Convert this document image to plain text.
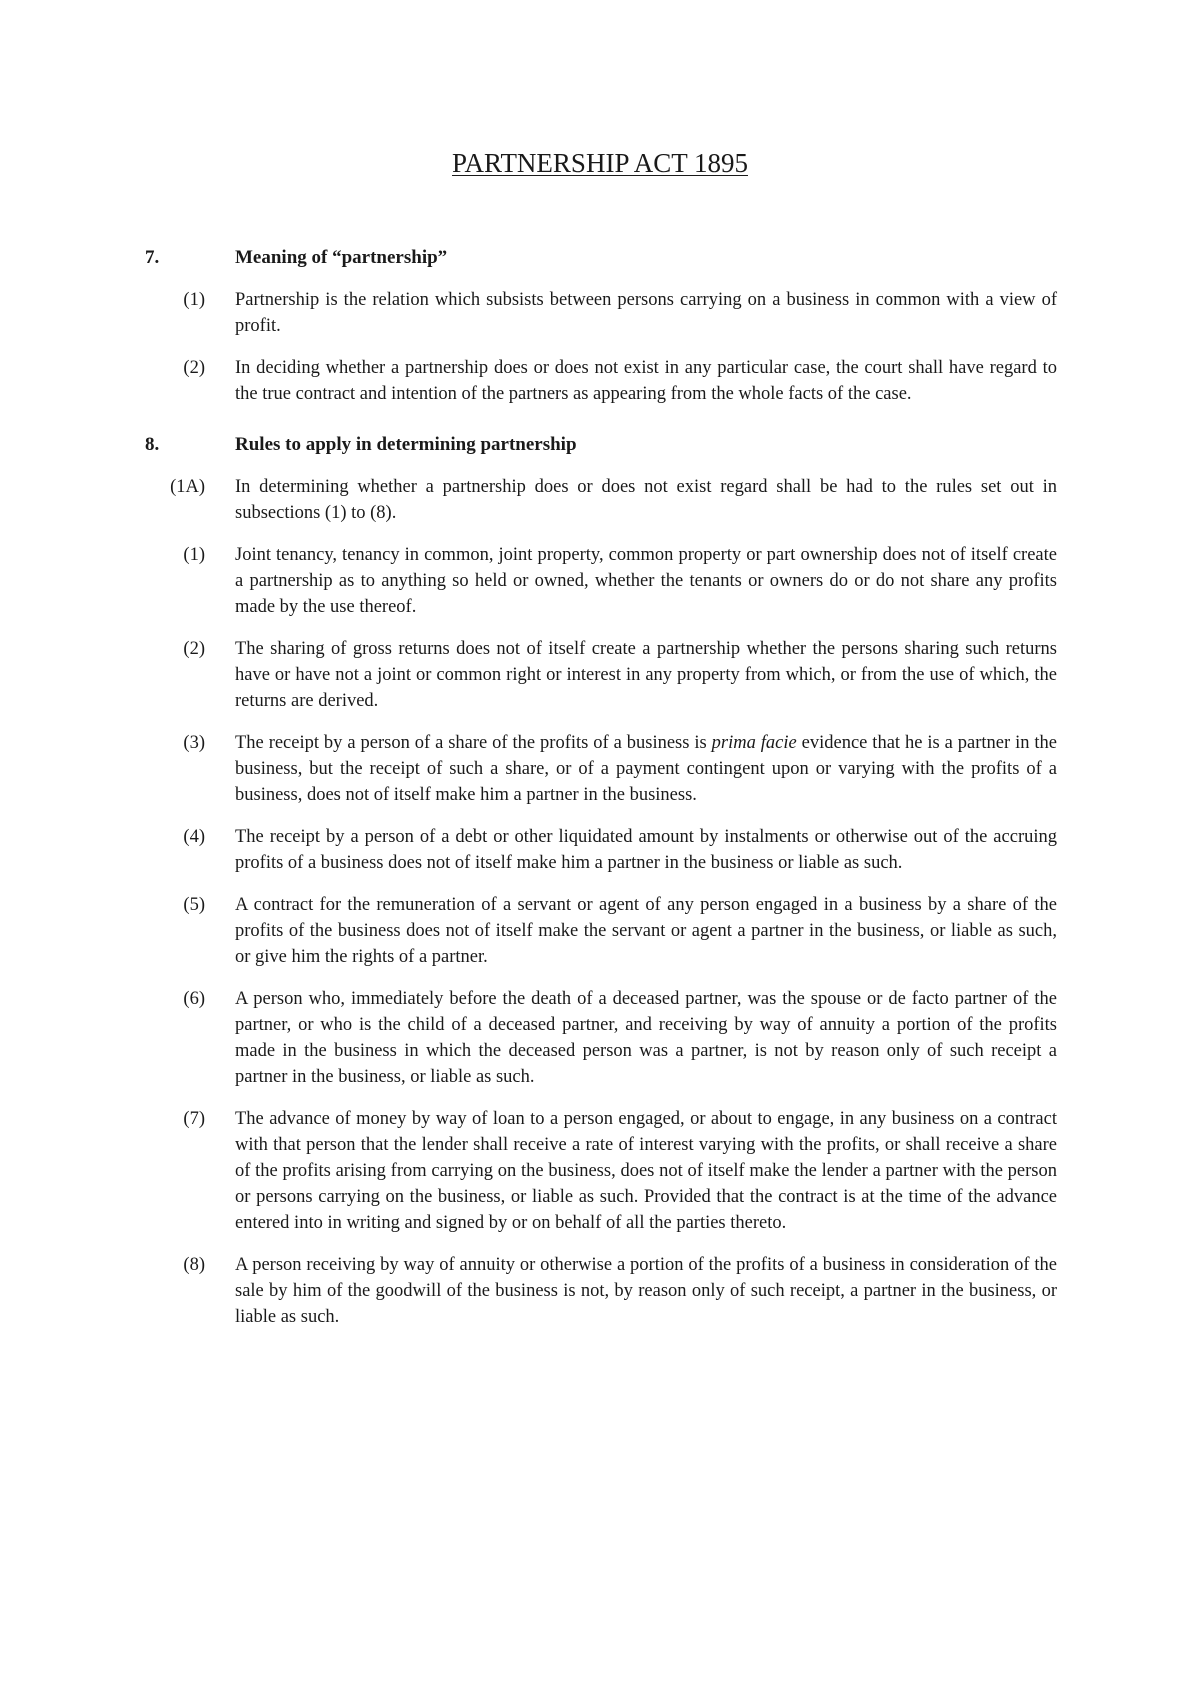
PARTNERSHIP ACT 1895
7.	Meaning of “partnership”
(1) Partnership is the relation which subsists between persons carrying on a business in common with a view of profit.
(2) In deciding whether a partnership does or does not exist in any particular case, the court shall have regard to the true contract and intention of the partners as appearing from the whole facts of the case.
8.	Rules to apply in determining partnership
(1A) In determining whether a partnership does or does not exist regard shall be had to the rules set out in subsections (1) to (8).
(1) Joint tenancy, tenancy in common, joint property, common property or part ownership does not of itself create a partnership as to anything so held or owned, whether the tenants or owners do or do not share any profits made by the use thereof.
(2) The sharing of gross returns does not of itself create a partnership whether the persons sharing such returns have or have not a joint or common right or interest in any property from which, or from the use of which, the returns are derived.
(3) The receipt by a person of a share of the profits of a business is prima facie evidence that he is a partner in the business, but the receipt of such a share, or of a payment contingent upon or varying with the profits of a business, does not of itself make him a partner in the business.
(4) The receipt by a person of a debt or other liquidated amount by instalments or otherwise out of the accruing profits of a business does not of itself make him a partner in the business or liable as such.
(5) A contract for the remuneration of a servant or agent of any person engaged in a business by a share of the profits of the business does not of itself make the servant or agent a partner in the business, or liable as such, or give him the rights of a partner.
(6) A person who, immediately before the death of a deceased partner, was the spouse or de facto partner of the partner, or who is the child of a deceased partner, and receiving by way of annuity a portion of the profits made in the business in which the deceased person was a partner, is not by reason only of such receipt a partner in the business, or liable as such.
(7) The advance of money by way of loan to a person engaged, or about to engage, in any business on a contract with that person that the lender shall receive a rate of interest varying with the profits, or shall receive a share of the profits arising from carrying on the business, does not of itself make the lender a partner with the person or persons carrying on the business, or liable as such. Provided that the contract is at the time of the advance entered into in writing and signed by or on behalf of all the parties thereto.
(8) A person receiving by way of annuity or otherwise a portion of the profits of a business in consideration of the sale by him of the goodwill of the business is not, by reason only of such receipt, a partner in the business, or liable as such.
